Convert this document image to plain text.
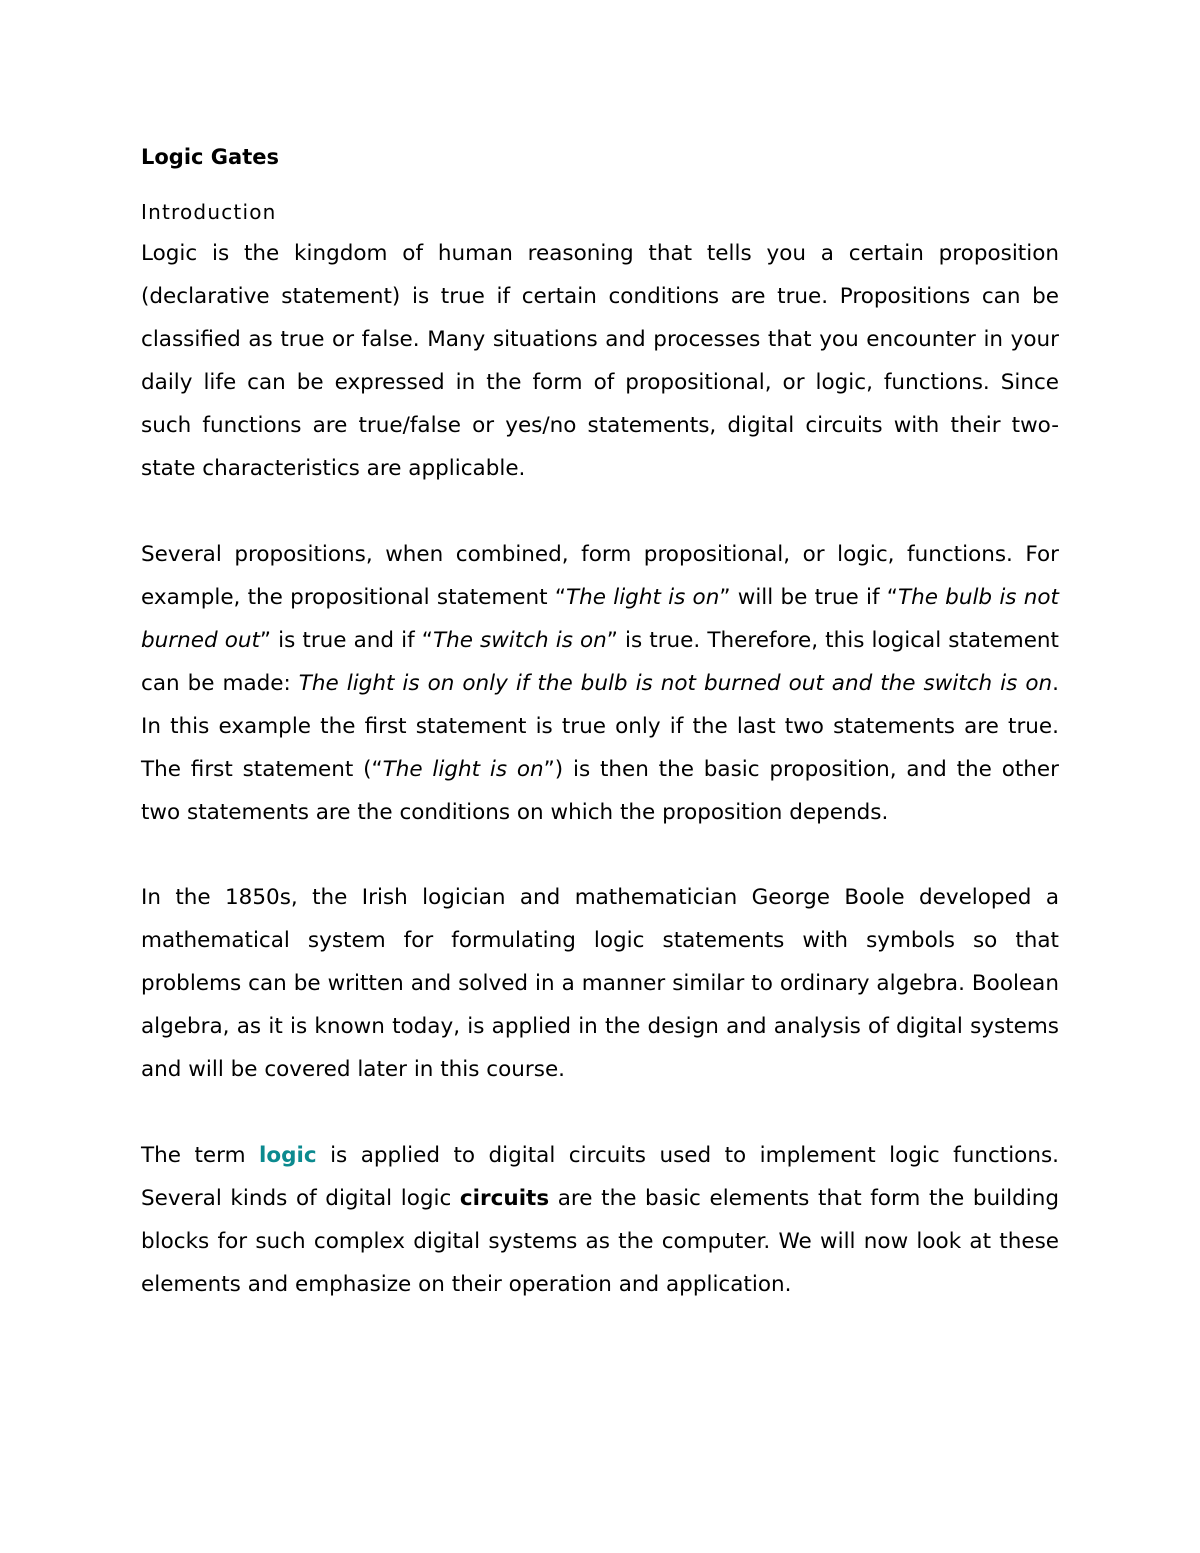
Logic Gates
Introduction

Logic is the kingdom of human reasoning that tells you a certain proposition (declarative statement) is true if certain conditions are true. Propositions can be classified as true or false. Many situations and processes that you encounter in your daily life can be expressed in the form of propositional, or logic, functions. Since such functions are true/false or yes/no statements, digital circuits with their two-state characteristics are applicable.

Several propositions, when combined, form propositional, or logic, functions. For example, the propositional statement “The light is on” will be true if “The bulb is not burned out” is true and if “The switch is on” is true. Therefore, this logical statement can be made: The light is on only if the bulb is not burned out and the switch is on. In this example the first statement is true only if the last two statements are true. The first statement (“The light is on”) is then the basic proposition, and the other two statements are the conditions on which the proposition depends.

In the 1850s, the Irish logician and mathematician George Boole developed a mathematical system for formulating logic statements with symbols so that problems can be written and solved in a manner similar to ordinary algebra. Boolean algebra, as it is known today, is applied in the design and analysis of digital systems and will be covered later in this course.

The term logic is applied to digital circuits used to implement logic functions. Several kinds of digital logic circuits are the basic elements that form the building blocks for such complex digital systems as the computer. We will now look at these elements and emphasize on their operation and application.
